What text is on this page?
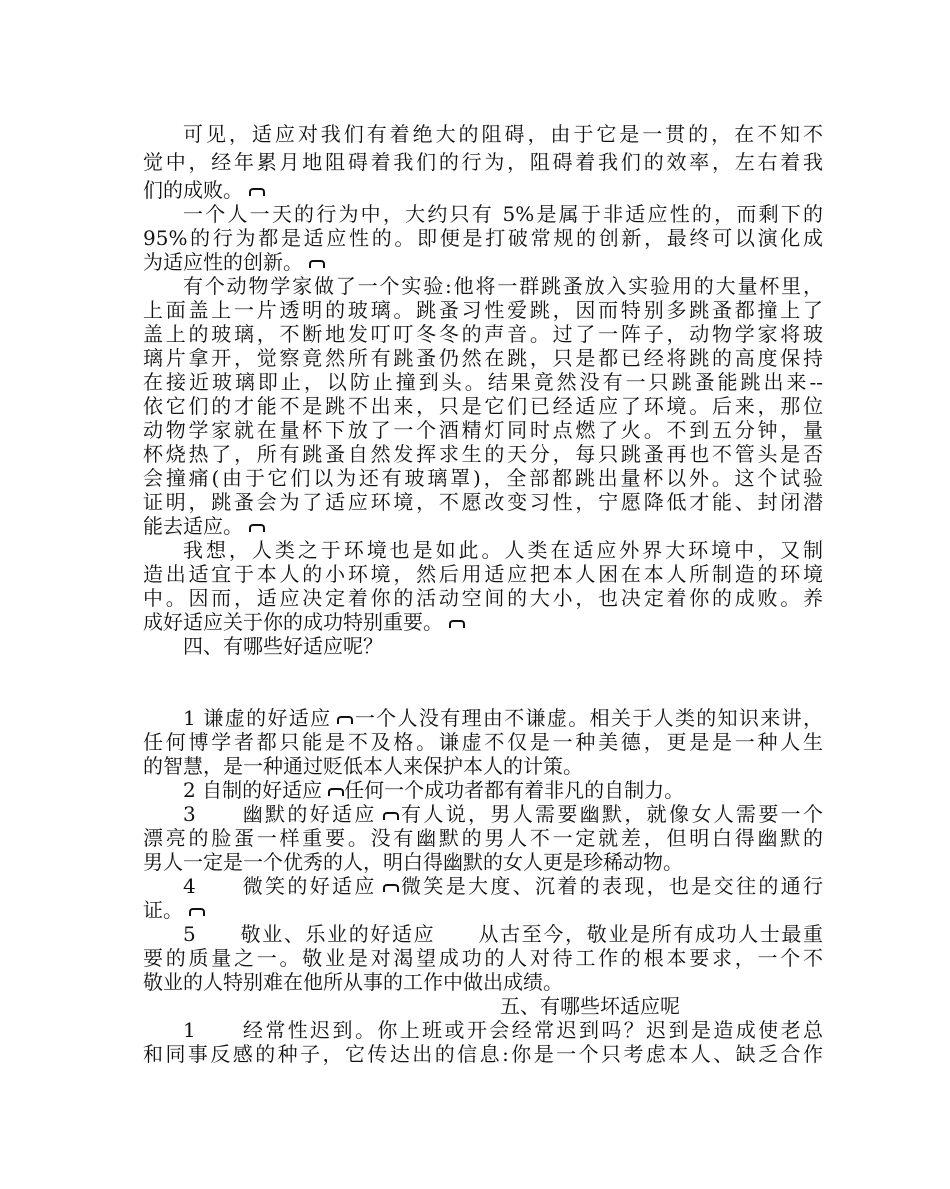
可见，适应对我们有着绝大的阻碍，由于它是一贯的，在不知不
觉中，经年累月地阻碍着我们的行为，阻碍着我们的效率，左右着我
们的成败。
一个人一天的行为中，大约只有 5%是属于非适应性的，而剩下的
95%的行为都是适应性的。即便是打破常规的创新，最终可以演化成
为适应性的创新。
有个动物学家做了一个实验:他将一群跳蚤放入实验用的大量杯里，
上面盖上一片透明的玻璃。跳蚤习性爱跳，因而特别多跳蚤都撞上了
盖上的玻璃，不断地发叮叮冬冬的声音。过了一阵子，动物学家将玻
璃片拿开，觉察竟然所有跳蚤仍然在跳，只是都已经将跳的高度保持
在接近玻璃即止，以防止撞到头。结果竟然没有一只跳蚤能跳出来--
依它们的才能不是跳不出来，只是它们已经适应了环境。后来，那位
动物学家就在量杯下放了一个酒精灯同时点燃了火。不到五分钟，量
杯烧热了，所有跳蚤自然发挥求生的天分，每只跳蚤再也不管头是否
会撞痛(由于它们以为还有玻璃罩)，全部都跳出量杯以外。这个试验
证明，跳蚤会为了适应环境，不愿改变习性，宁愿降低才能、封闭潜
能去适应。
我想，人类之于环境也是如此。人类在适应外界大环境中，又制
造出适宜于本人的小环境，然后用适应把本人困在本人所制造的环境
中。因而，适应决定着你的活动空间的大小，也决定着你的成败。养
成好适应关于你的成功特别重要。
四、有哪些好适应呢？
1 谦虚的好适应 一个人没有理由不谦虚。相关于人类的知识来讲，
任何博学者都只能是不及格。谦虚不仅是一种美德，更是是一种人生
的智慧，是一种通过贬低本人来保护本人的计策。
2 自制的好适应 任何一个成功者都有着非凡的自制力。
3　　幽默的好适应 有人说，男人需要幽默，就像女人需要一个
漂亮的脸蛋一样重要。没有幽默的男人不一定就差，但明白得幽默的
男人一定是一个优秀的人，明白得幽默的女人更是珍稀动物。
4　　微笑的好适应 微笑是大度、沉着的表现，也是交往的通行
证。
5　　敬业、乐业的好适应　　从古至今，敬业是所有成功人士最重
要的质量之一。敬业是对渴望成功的人对待工作的根本要求，一个不
敬业的人特别难在他所从事的工作中做出成绩。
五、有哪些坏适应呢
1　　经常性迟到。你上班或开会经常迟到吗？迟到是造成使老总
和同事反感的种子，它传达出的信息:你是一个只考虑本人、缺乏合作
